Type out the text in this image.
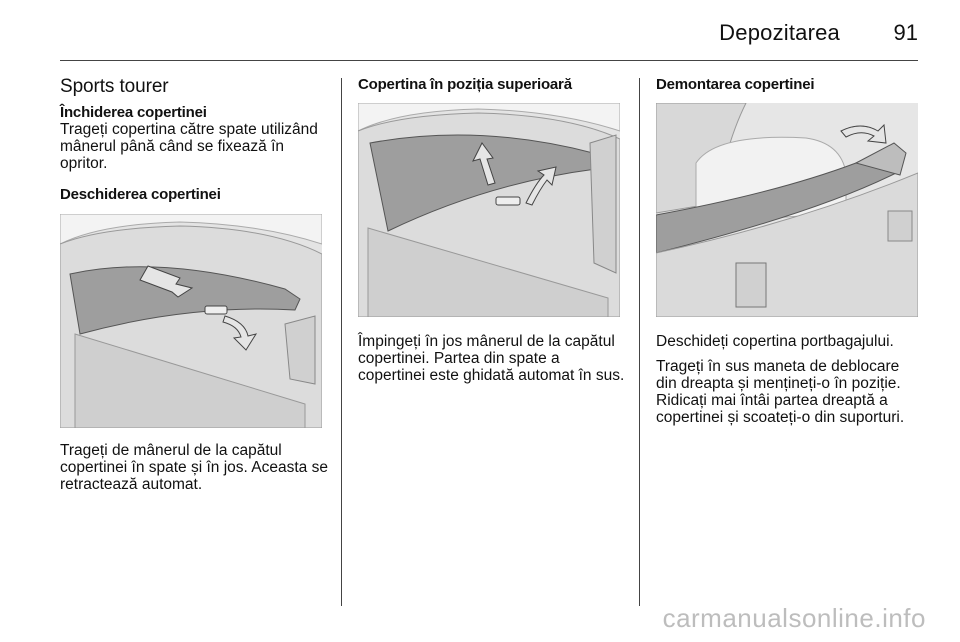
Depozitarea 91
Sports tourer
Închiderea copertinei

Trageți copertina către spate utilizând mânerul până când se fixează în opritor.

Deschiderea copertinei

Trageți de mânerul de la capătul copertinei în spate și în jos. Aceasta se retractează automat.

Copertina în poziția superioară

Împingeți în jos mânerul de la capătul copertinei. Partea din spate a copertinei este ghidată automat în sus.

Demontarea copertinei

Deschideți copertina portbagajului.

Trageți în sus maneta de deblocare din dreapta și mențineți-o în poziție. Ridicați mai întâi partea dreaptă a copertinei și scoateți-o din suporturi.

carmanualsonline.info
